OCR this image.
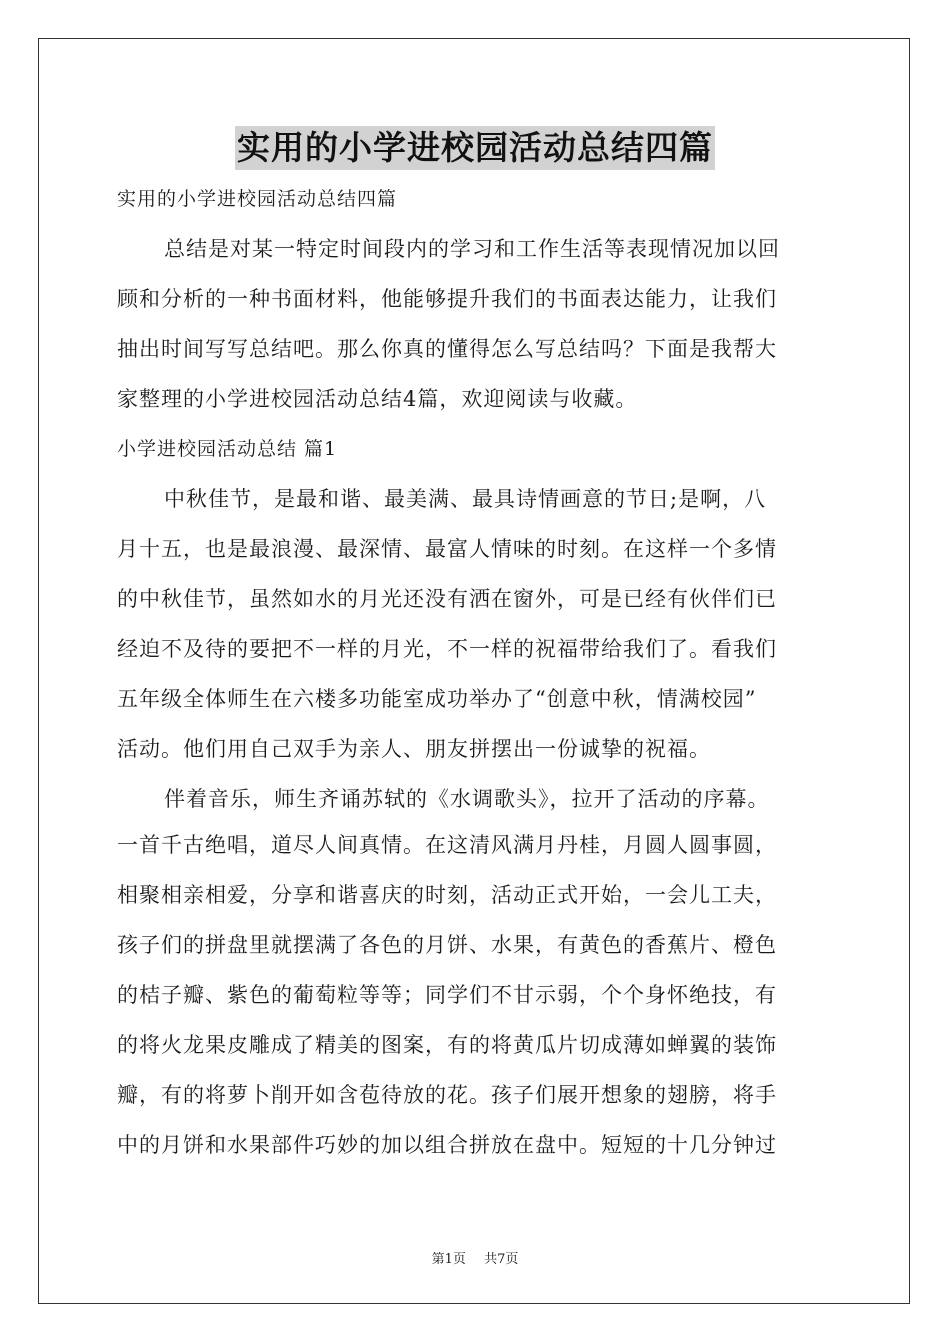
实用的小学进校园活动总结四篇
实用的小学进校园活动总结四篇
总结是对某一特定时间段内的学习和工作生活等表现情况加以回
顾和分析的一种书面材料，他能够提升我们的书面表达能力，让我们
抽出时间写写总结吧。那么你真的懂得怎么写总结吗？下面是我帮大
家整理的小学进校园活动总结4篇，欢迎阅读与收藏。
小学进校园活动总结 篇1
中秋佳节，是最和谐、最美满、最具诗情画意的节日;是啊，八
月十五，也是最浪漫、最深情、最富人情味的时刻。在这样一个多情
的中秋佳节，虽然如水的月光还没有洒在窗外，可是已经有伙伴们已
经迫不及待的要把不一样的月光，不一样的祝福带给我们了。看我们
五年级全体师生在六楼多功能室成功举办了“创意中秋，情满校园”
活动。他们用自己双手为亲人、朋友拼摆出一份诚挚的祝福。
伴着音乐，师生齐诵苏轼的《水调歌头》，拉开了活动的序幕。
一首千古绝唱，道尽人间真情。在这清风满月丹桂，月圆人圆事圆，
相聚相亲相爱，分享和谐喜庆的时刻，活动正式开始，一会儿工夫，
孩子们的拼盘里就摆满了各色的月饼、水果，有黄色的香蕉片、橙色
的桔子瓣、紫色的葡萄粒等等；同学们不甘示弱，个个身怀绝技，有
的将火龙果皮雕成了精美的图案，有的将黄瓜片切成薄如蝉翼的装饰
瓣，有的将萝卜削开如含苞待放的花。孩子们展开想象的翅膀，将手
中的月饼和水果部件巧妙的加以组合拼放在盘中。短短的十几分钟过
第1页 共7页
